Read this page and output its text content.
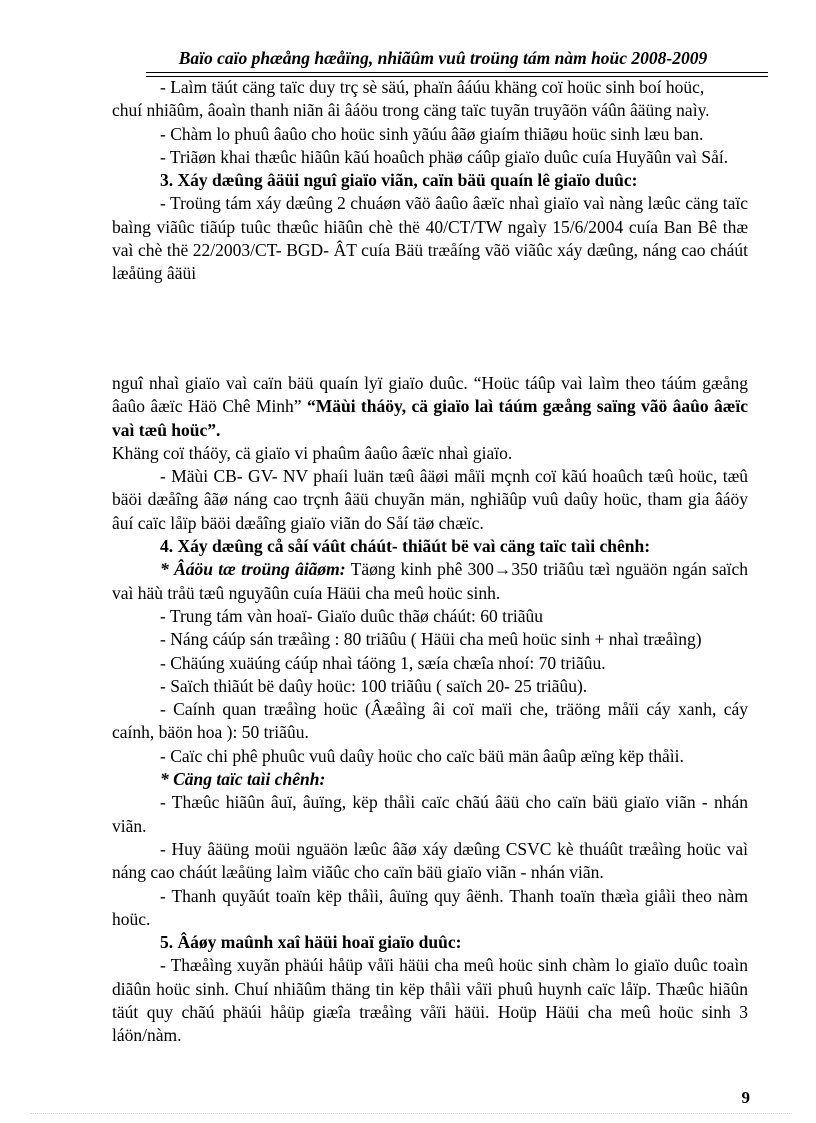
Baïo caïo phæång hæåïng, nhiãûm vuû troüng tám nàm hoüc 2008-2009

- Laìm täút cäng taïc duy trç sè säú, phaïn âáúu khäng coï hoüc sinh boí hoüc,

chuí nhiãûm, âoaìn thanh niãn âi âáöu trong cäng taïc tuyãn truyãön váûn âäüng naìy.

- Chàm lo phuû âaûo cho hoüc sinh yãúu âãø giaím thiãøu hoüc sinh læu ban.

- Triãøn khai thæûc hiãûn kãú hoaûch phäø cáûp giaïo duûc cuía Huyãûn vaì Såí.

3. Xáy dæûng âäüi nguî giaïo viãn, caïn bäü quaín lê giaïo duûc:

- Troüng tám xáy dæûng 2 chuáøn vãö âaûo âæïc nhaì giaïo vaì nàng læûc cäng taïc baìng viãûc tiãúp tuûc thæûc hiãûn chè thë 40/CT/TW ngaìy 15/6/2004 cuía Ban Bê thæ vaì chè thë 22/2003/CT- BGD- ÂT cuía Bäü træåíng vãö viãûc xáy dæûng, náng cao cháút læåüng âäüi

nguî nhaì giaïo vaì caïn bäü quaín lyï giaïo duûc. “Hoüc táûp vaì laìm theo táúm gæång âaûo âæïc Häö Chê Minh” “Mäùi tháöy, cä giaïo laì táúm gæång saïng vãö âaûo âæïc vaì tæû hoüc”.

Khäng coï tháöy, cä giaïo vi phaûm âaûo âæïc nhaì giaïo.

- Mäùi CB- GV- NV phaíi luän tæû âäøi måïi mçnh coï kãú hoaûch tæû hoüc, tæû bäöi dæåîng âãø náng cao trçnh âäü chuyãn män, nghiãûp vuû daûy hoüc, tham gia âáöy âuí caïc låïp bäöi dæåîng giaïo viãn do Såí täø chæïc.

4. Xáy dæûng cå såí váût cháút- thiãút bë vaì cäng taïc taìi chênh:

* Âáöu tæ troüng âiãøm: Täøng kinh phê 300→350 triãûu tæì nguäön ngán saïch vaì häù tråü tæû nguyãûn cuía Häüi cha meû hoüc sinh.

- Trung tám vàn hoaï- Giaïo duûc thãø cháút: 60 triãûu

- Náng cáúp sán træåìng : 80 triãûu ( Häüi cha meû hoüc sinh + nhaì træåìng)

- Chäúng xuäúng cáúp nhaì táöng 1, sæía chæîa nhoí: 70 triãûu.

- Saïch thiãút bë daûy hoüc: 100 triãûu ( saïch 20- 25 triãûu).

- Caính quan træåìng hoüc (Âæåìng âi coï maïi che, träöng måïi cáy xanh, cáy caính, bäön hoa ): 50 triãûu.

- Caïc chi phê phuûc vuû daûy hoüc cho caïc bäü män âaûp æïng këp thåìi.

* Cäng taïc taìi chênh:

- Thæûc hiãûn âuï, âuïng, këp thåìi caïc chãú âäü cho caïn bäü giaïo viãn - nhán viãn.

- Huy âäüng moüi nguäön læûc âãø xáy dæûng CSVC kè thuáût træåìng hoüc vaì náng cao cháút læåüng laìm viãûc cho caïn bäü giaïo viãn - nhán viãn.

- Thanh quyãút toaïn këp thåìi, âuïng quy âënh. Thanh toaïn thæìa giåìi theo nàm hoüc.

5. Âáøy maûnh xaî häüi hoaï giaïo duûc:

- Thæåìng xuyãn phäúi håüp våïi häüi cha meû hoüc sinh chàm lo giaïo duûc toaìn diãûn hoüc sinh. Chuí nhiãûm thäng tin këp thåìi våïi phuû huynh caïc låïp. Thæûc hiãûn täút quy chãú phäúi håüp giæîa træåìng våïi häüi. Hoüp Häüi cha meû hoüc sinh 3 láön/nàm.

9
